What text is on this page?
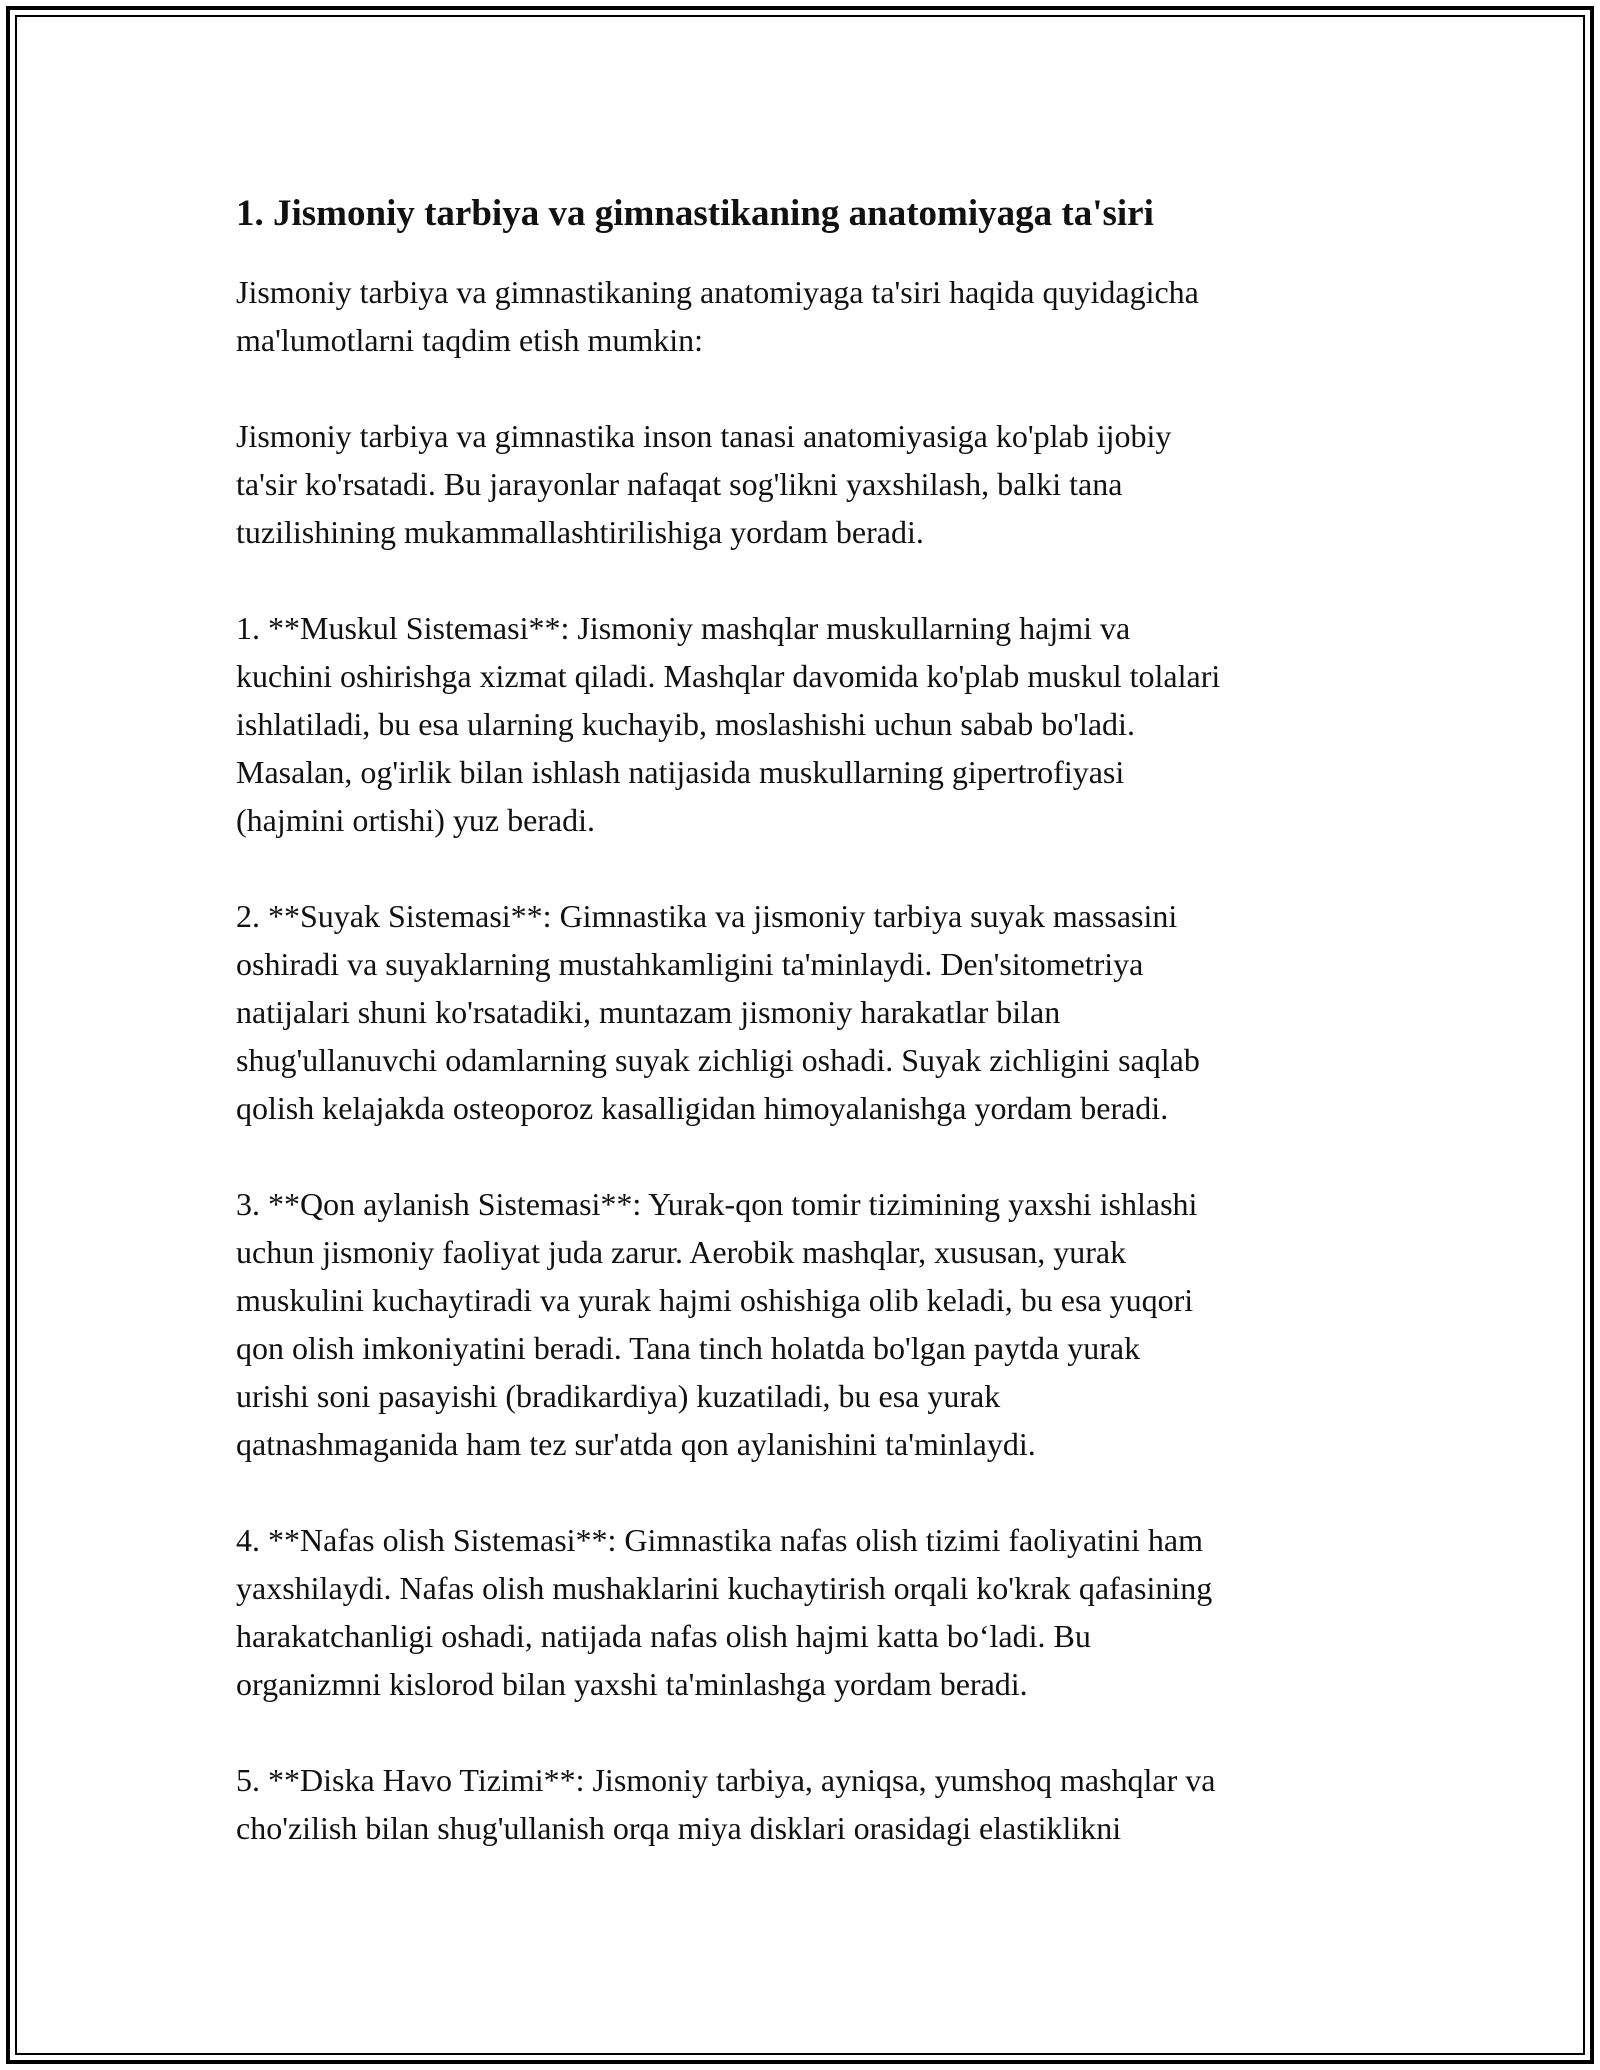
1. Jismoniy tarbiya va gimnastikaning anatomiyaga ta'siri

Jismoniy tarbiya va gimnastikaning anatomiyaga ta'siri haqida quyidagicha
ma'lumotlarni taqdim etish mumkin:

Jismoniy tarbiya va gimnastika inson tanasi anatomiyasiga ko'plab ijobiy
ta'sir ko'rsatadi. Bu jarayonlar nafaqat sog'likni yaxshilash, balki tana
tuzilishining mukammallashtirilishiga yordam beradi.

1. **Muskul Sistemasi**: Jismoniy mashqlar muskullarning hajmi va
kuchini oshirishga xizmat qiladi. Mashqlar davomida ko'plab muskul tolalari
ishlatiladi, bu esa ularning kuchayib, moslashishi uchun sabab bo'ladi.
Masalan, og'irlik bilan ishlash natijasida muskullarning gipertrofiyasi
(hajmini ortishi) yuz beradi.

2. **Suyak Sistemasi**: Gimnastika va jismoniy tarbiya suyak massasini
oshiradi va suyaklarning mustahkamligini ta'minlaydi. Den'sitometriya
natijalari shuni ko'rsatadiki, muntazam jismoniy harakatlar bilan
shug'ullanuvchi odamlarning suyak zichligi oshadi. Suyak zichligini saqlab
qolish kelajakda osteoporoz kasalligidan himoyalanishga yordam beradi.

3. **Qon aylanish Sistemasi**: Yurak-qon tomir tizimining yaxshi ishlashi
uchun jismoniy faoliyat juda zarur. Aerobik mashqlar, xususan, yurak
muskulini kuchaytiradi va yurak hajmi oshishiga olib keladi, bu esa yuqori
qon olish imkoniyatini beradi. Tana tinch holatda bo'lgan paytda yurak
urishi soni pasayishi (bradikardiya) kuzatiladi, bu esa yurak
qatnashmaganida ham tez sur'atda qon aylanishini ta'minlaydi.

4. **Nafas olish Sistemasi**: Gimnastika nafas olish tizimi faoliyatini ham
yaxshilaydi. Nafas olish mushaklarini kuchaytirish orqali ko'krak qafasining
harakatchanligi oshadi, natijada nafas olish hajmi katta bo‘ladi. Bu
organizmni kislorod bilan yaxshi ta'minlashga yordam beradi.

5. **Diska Havo Tizimi**: Jismoniy tarbiya, ayniqsa, yumshoq mashqlar va
cho'zilish bilan shug'ullanish orqa miya disklari orasidagi elastiklikni
